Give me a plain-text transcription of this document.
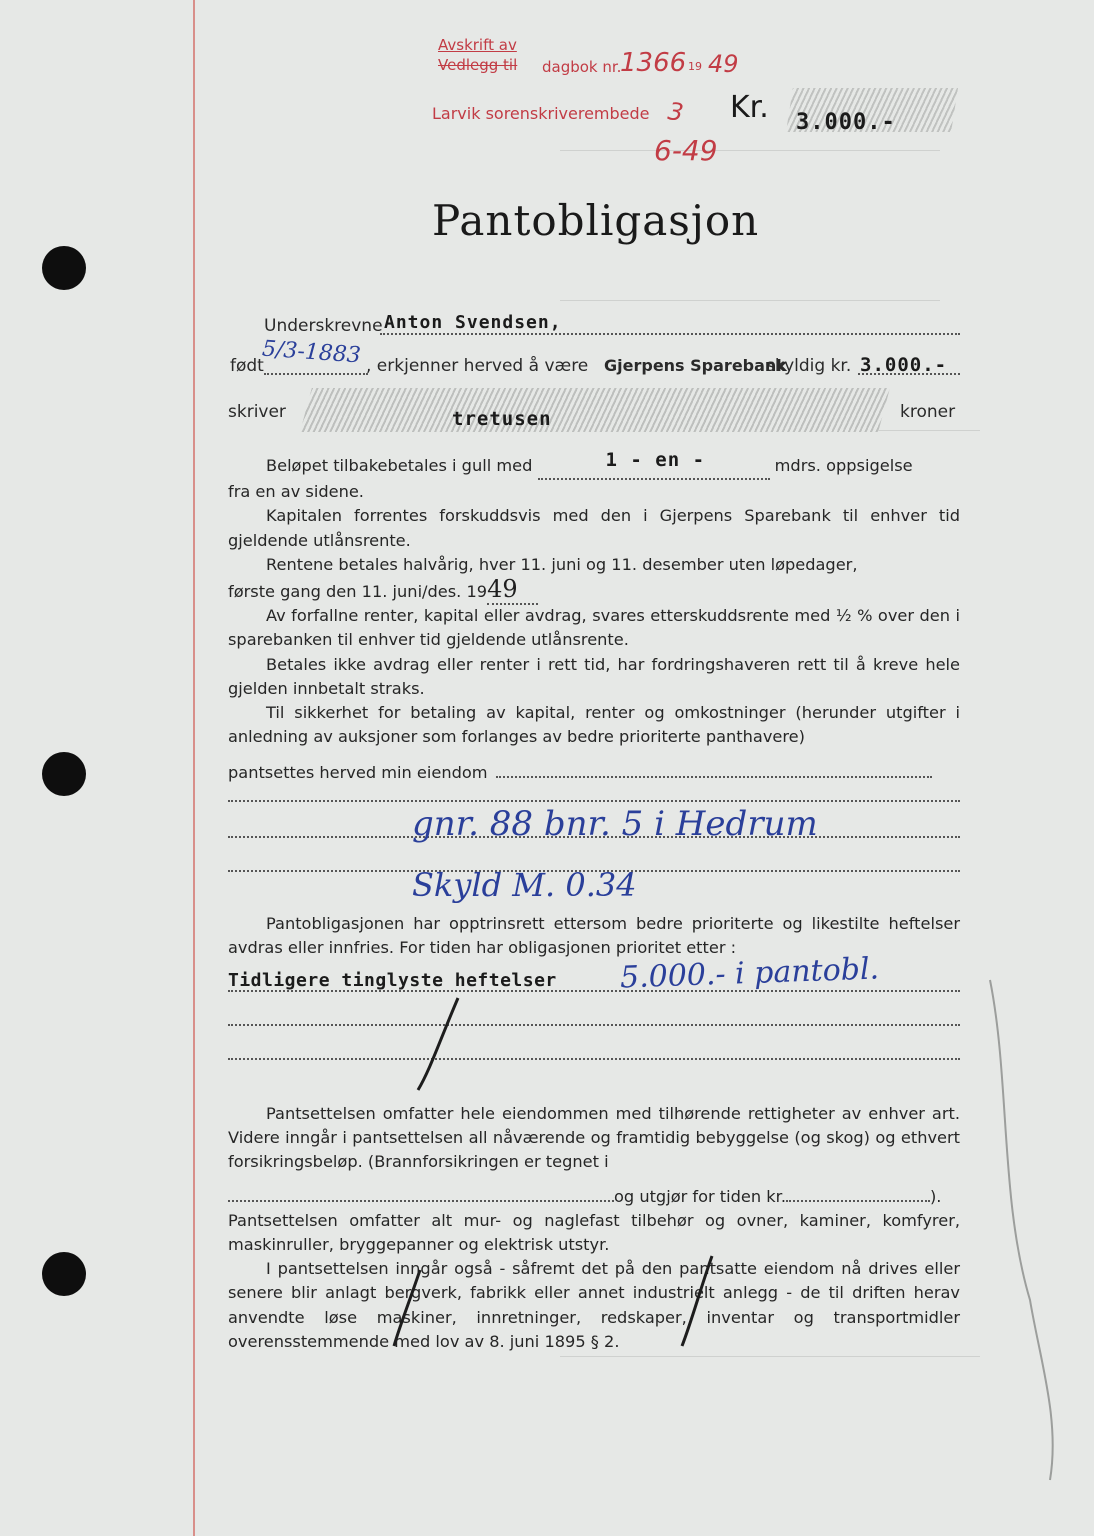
Avskrift av
Vedlegg til dagbok nr.
1366 19 49
Larvik sorenskriverembede 3
6-49
Kr. 3.000.-
Pantobligasjon
Underskrevne Anton Svendsen,
født
5/3-1883 , erkjenner herved å være Gjerpens Sparebank
skyldig kr. 3.000.-
skriver	tretusen	kroner

Beløpet tilbakebetales i gull med	1 - en -	mdrs. oppsigelse

fra en av sidene.

Kapitalen forrentes forskuddsvis med den i Gjerpens Sparebank til enhver tid gjeldende utlånsrente.

Rentene betales halvårig, hver 11. juni og 11. desember uten løpedager,

første gang den 11. juni/des. 1949

Av forfallne renter, kapital eller avdrag, svares etterskuddsrente med ½ % over den i sparebanken til enhver tid gjeldende utlånsrente.

Betales ikke avdrag eller renter i rett tid, har fordringshaveren rett til å kreve hele gjelden innbetalt straks.

Til sikkerhet for betaling av kapital, renter og omkostninger (herunder utgifter i anledning av auksjoner som forlanges av bedre prioriterte panthavere)

pantsettes herved min eiendom

gnr. 88 bnr. 5 i Hedrum
Skyld M. 0.34

Pantobligasjonen har opptrinsrett ettersom bedre prioriterte og likestilte heftelser avdras eller innfries. For tiden har obligasjonen prioritet etter :

Tidligere tinglyste heftelser 5.000.- i pantobl.

Pantsettelsen omfatter hele eiendommen med tilhørende rettigheter av enhver art. Videre inngår i pantsettelsen all nåværende og framtidig bebyggelse (og skog) og ethvert forsikringsbeløp. (Brannforsikringen er tegnet i

og utgjør for tiden kr.	).

Pantsettelsen omfatter alt mur- og naglefast tilbehør og ovner, kaminer, komfyrer, maskinruller, bryggepanner og elektrisk utstyr.

I pantsettelsen inngår også - såfremt det på den pantsatte eiendom nå drives eller senere blir anlagt bergverk, fabrikk eller annet industrielt anlegg - de til driften herav anvendte løse maskiner, innretninger, redskaper, inventar og transportmidler overensstemmende med lov av 8. juni 1895 § 2.
